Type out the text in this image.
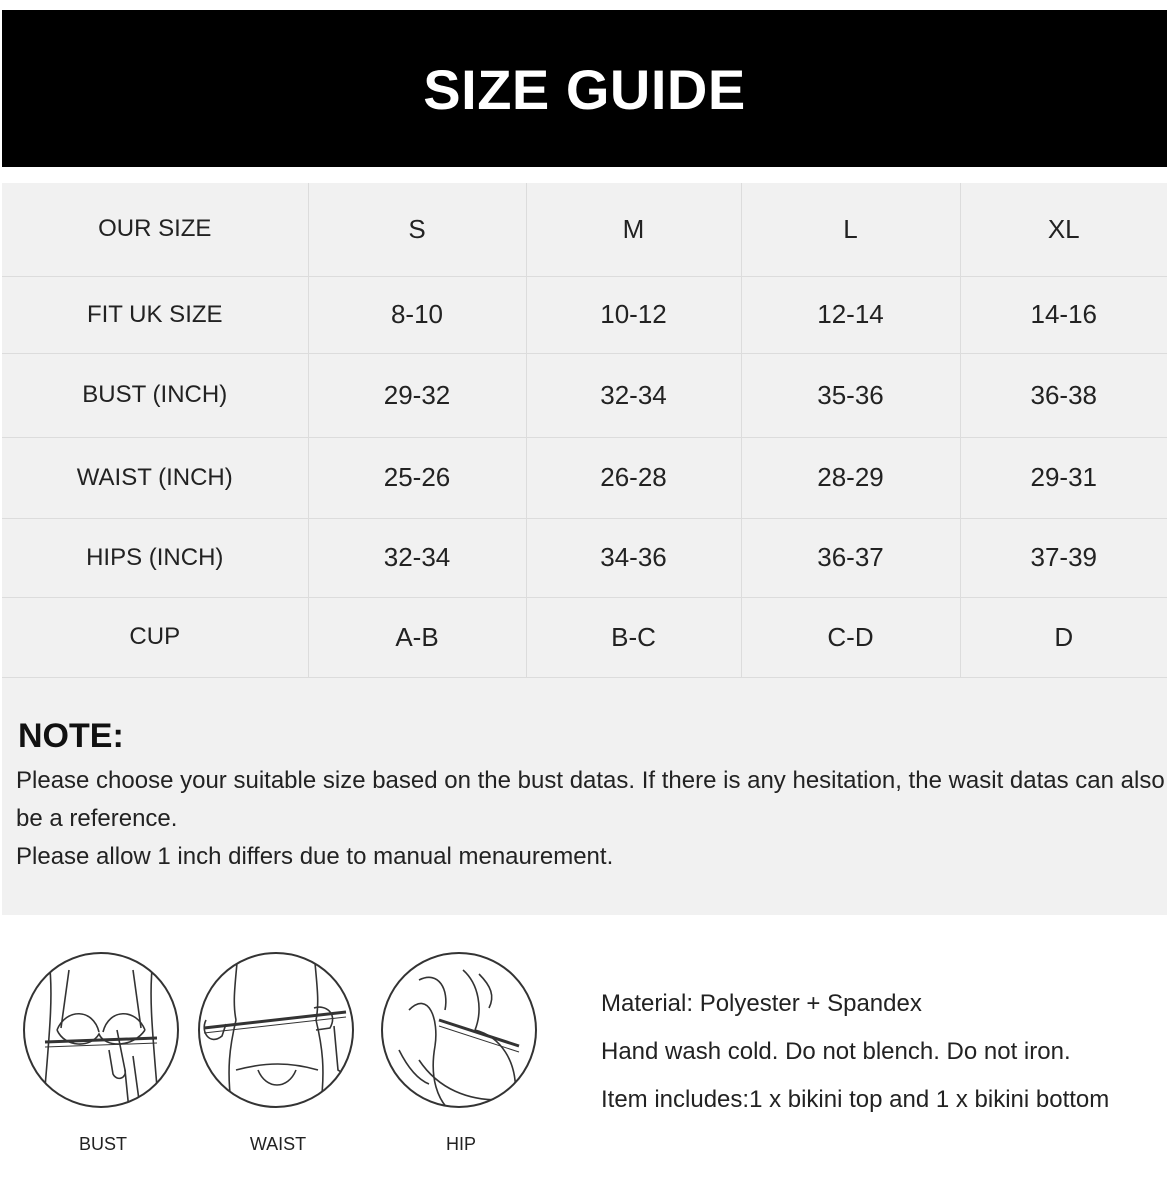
SIZE GUIDE
OUR SIZE	S	M	L	XL
FIT UK SIZE	8-10	10-12	12-14	14-16
BUST (INCH)	29-32	32-34	35-36	36-38
WAIST (INCH)	25-26	26-28	28-29	29-31
HIPS (INCH)	32-34	34-36	36-37	37-39
CUP	A-B	B-C	C-D	D
NOTE:

Please choose your suitable size based on the bust datas. If there is any hesitation, the wasit datas can also be a reference.

Please allow 1 inch differs due to manual menaurement.

BUST	WAIST	HIP
Material: Polyester + Spandex
Hand wash cold. Do not blench. Do not iron.
Item includes:1 x bikini top and 1 x bikini bottom
